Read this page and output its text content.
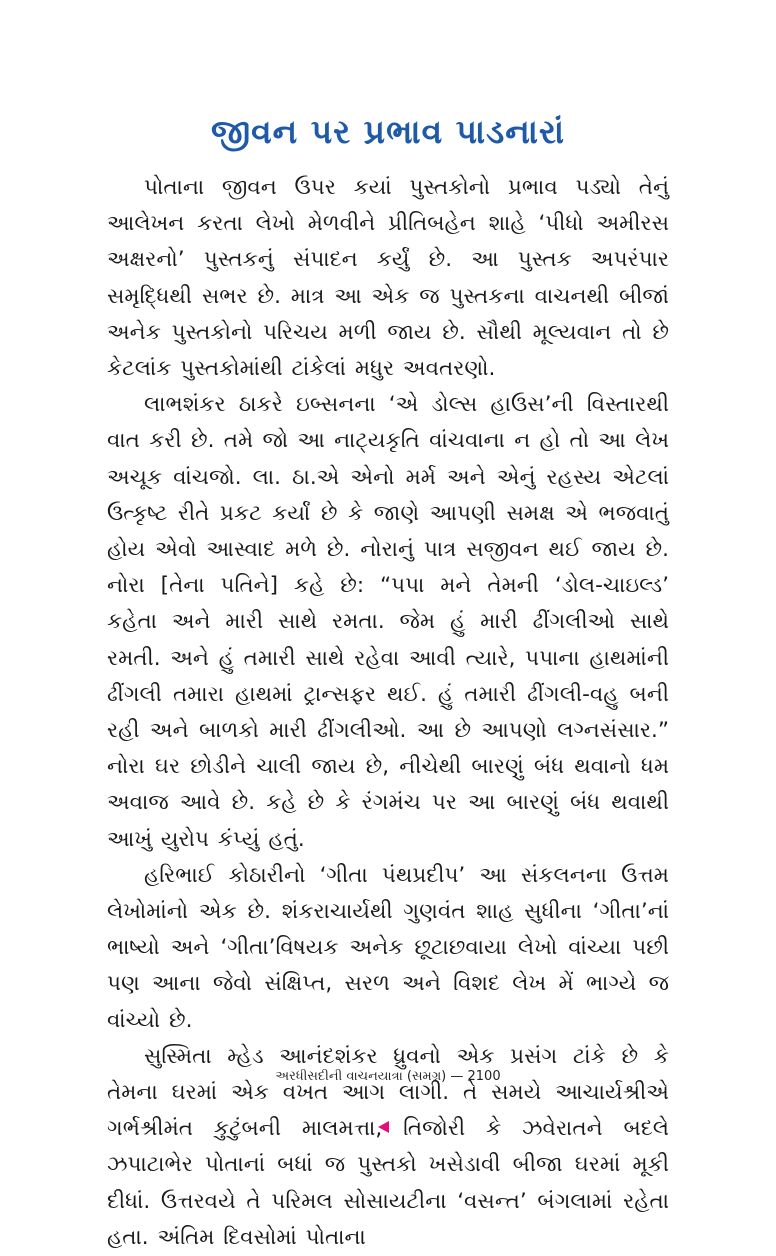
જીવન પર પ્રભાવ પાડનારાં

પોતાના જીવન ઉપર કયાં પુસ્તકોનો પ્રભાવ પડ્યો તેનું આલેખન કરતા લેખો મેળવીને પ્રીતિબહેન શાહે ‘પીધો અમીરસ અક્ષરનો’ પુસ્તકનું સંપાદન કર્યું છે. આ પુસ્તક અપરંપાર સમૃદ્ધિથી સભર છે. માત્ર આ એક જ પુસ્તકના વાચનથી બીજાં અનેક પુસ્તકોનો પરિચય મળી જાય છે. સૌથી મૂલ્યવાન તો છે કેટલાંક પુસ્તકોમાંથી ટાંકેલાં મધુર અવતરણો.

લાભશંકર ઠાકરે ઇબ્સનના ‘એ ડોલ્સ હાઉસ’ની વિસ્તારથી વાત કરી છે. તમે જો આ નાટ્યકૃતિ વાંચવાના ન હો તો આ લેખ અચૂક વાંચજો. લા. ઠા.એ એનો મર્મ અને એનું રહસ્ય એટલાં ઉત્કૃષ્ટ રીતે પ્રકટ કર્યાં છે કે જાણે આપણી સમક્ષ એ ભજવાતું હોય એવો આસ્વાદ મળે છે. નોરાનું પાત્ર સજીવન થઈ જાય છે. નોરા [તેના પતિને] કહે છે: “પપા મને તેમની ‘ડોલ-ચાઇલ્ડ’ કહેતા અને મારી સાથે રમતા. જેમ હું મારી ઢીંગલીઓ સાથે રમતી. અને હું તમારી સાથે રહેવા આવી ત્યારે, પપાના હાથમાંની ઢીંગલી તમારા હાથમાં ટ્રાન્સફર થઈ. હું તમારી ઢીંગલી-વહુ બની રહી અને બાળકો મારી ઢીંગલીઓ. આ છે આપણો લગ્નસંસાર.” નોરા ઘર છોડીને ચાલી જાય છે, નીચેથી બારણું બંધ થવાનો ધમ અવાજ આવે છે. કહે છે કે રંગમંચ પર આ બારણું બંધ થવાથી આખું યુરોપ કંપ્યું હતું.

હરિભાઈ કોઠારીનો ‘ગીતા પંથપ્રદીપ’ આ સંકલનના ઉત્તમ લેખોમાંનો એક છે. શંકરાચાર્યથી ગુણવંત શાહ સુધીના ‘ગીતા’નાં ભાષ્યો અને ‘ગીતા’વિષયક અનેક છૂટાછવાયા લેખો વાંચ્યા પછી પણ આના જેવો સંક્ષિપ્ત, સરળ અને વિશદ લેખ મેં ભાગ્યે જ વાંચ્યો છે.

સુસ્મિતા મ્હેડ આનંદશંકર ધ્રુવનો એક પ્રસંગ ટાંકે છે કે તેમના ઘરમાં એક વખત આગ લાગી. તે સમયે આચાર્યશ્રીએ ગર્ભશ્રીમંત કુટુંબની માલમત્તા, તિજોરી કે ઝવેરાતને બદલે ઝપાટાભેર પોતાનાં બધાં જ પુસ્તકો ખસેડાવી બીજા ઘરમાં મૂકી દીધાં. ઉત્તરવયે તે પરિમલ સોસાયટીના ‘વસન્ત’ બંગલામાં રહેતા હતા. અંતિમ દિવસોમાં પોતાના

અરધીસદીની વાચનયાત્રા (સમગ્ર) — 2100
